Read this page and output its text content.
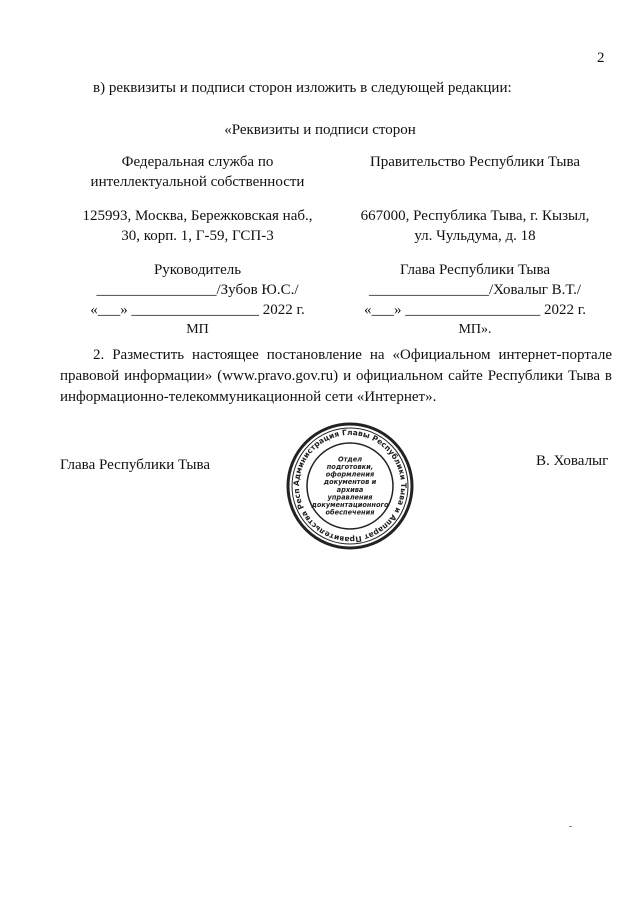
2
в) реквизиты и подписи сторон изложить в следующей редакции:
«Реквизиты и подписи сторон
Федеральная служба по
интеллектуальной собственности
125993, Москва, Бережковская наб.,
30, корп. 1, Г-59, ГСП-3
Руководитель
________________/Зубов Ю.С./
«___» _________________ 2022 г.
МП
Правительство Республики Тыва
667000, Республика Тыва, г. Кызыл,
ул. Чульдума, д. 18
Глава Республики Тыва
________________/Ховалыг В.Т./
«___» __________________ 2022 г.
МП».

2. Разместить настоящее постановление на «Официальном интернет-портале правовой информации» (www.pravo.gov.ru) и официальном сайте Республики Тыва в информационно-телекоммуникационной сети «Интернет».

Глава Республики Тыва	В. Ховалыг
Администрация Главы Республики Тыва и Аппарат Правительства Респ
Отдел
подготовки,
оформления
документов и
архива
управления
документационного
обеспечения
